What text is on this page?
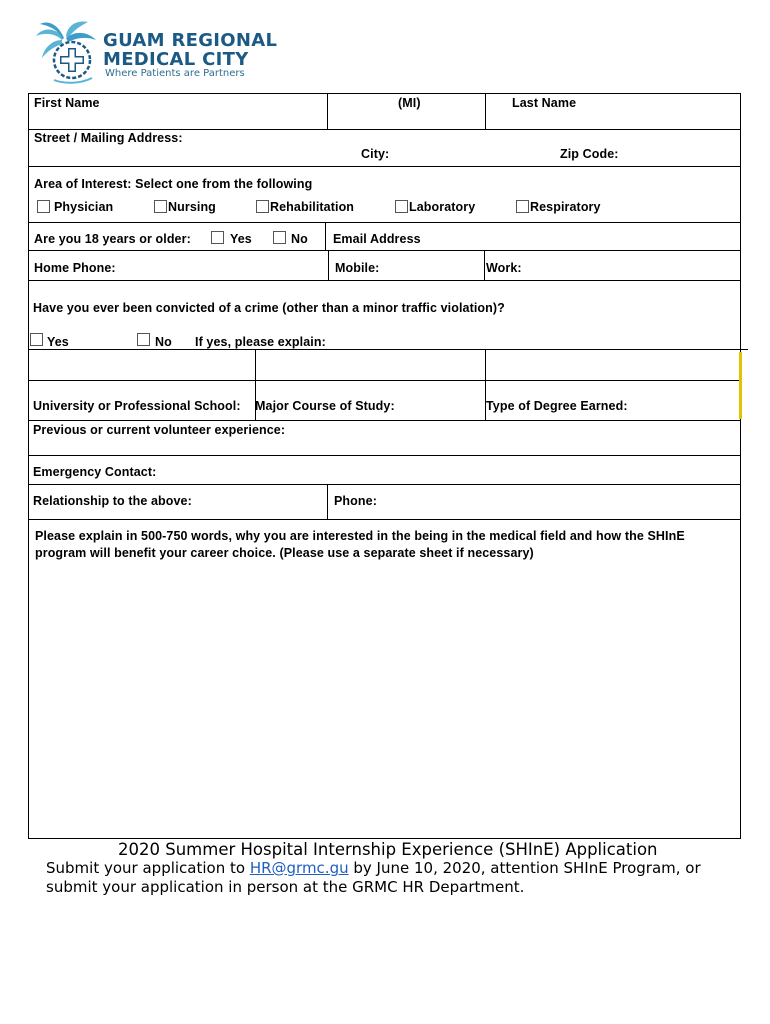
GUAM REGIONAL
MEDICAL CITY
Where Patients are Partners
First Name	(MI)	Last Name
Street / Mailing Address:
City:	Zip Code:
Area of Interest: Select one from the following
Physician	Nursing	Rehabilitation	Laboratory	Respiratory
Are you 18 years or older:	Yes	No Email Address
Home Phone:	Mobile:	Work:
Have you ever been convicted of a crime (other than a minor traffic violation)?
Yes	No If yes, please explain:
University or Professional School: Major Course of Study:	Type of Degree Earned:
Previous or current volunteer experience:
Emergency Contact:
Relationship to the above:	Phone:
Please explain in 500-750 words, why you are interested in the being in the medical field and how the SHInE
program will benefit your career choice. (Please use a separate sheet if necessary)
2020 Summer Hospital Internship Experience (SHInE) Application
Submit your application to HR@grmc.gu by June 10, 2020, attention SHInE Program, or
submit your application in person at the GRMC HR Department.
